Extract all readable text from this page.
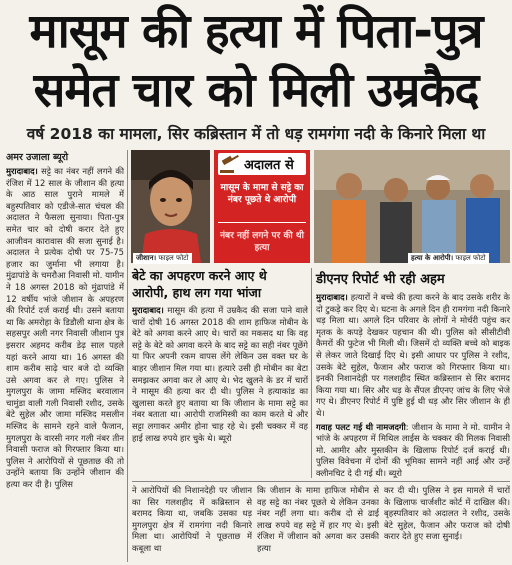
मासूम की हत्या में पिता-पुत्र
समेत चार को मिली उम्रकैद
वर्ष 2018 का मामला, सिर कब्रिस्तान में तो धड़ रामगंगा नदी के किनारे मिला था
अमर उजाला ब्यूरो

मुरादाबाद। सट्टे का नंबर नहीं लगने की रंजिश में 12 साल के जीशान की हत्या के आठ साल पुराने मामले में बहुस्पतिवार को एडीजे-सात चंचल की अदालत ने फैसला सुनाया। पिता-पुत्र समेत चार को दोषी करार देते हुए आजीवन कारावास की सजा सुनाई है। अदालत ने प्रत्येक दोषी पर 75-75 हजार का जुर्माना भी लगाया है। मुंढापांडे के चमरौआ निवासी मो. यामीन ने 18 अगस्त 2018 को मुंढापांडे में 12 वर्षीय भांजे जीशान के अपहरण की रिपोर्ट दर्ज कराई थी। उसने बताया था कि अमरोहा के डिडौली थाना क्षेत्र के सहसपुर अली नगर निवासी जीशान पुत्र इसरार अहमद करीब डेढ़ साल पहले यहां करने आया था। 16 अगस्त की शाम करीब साढ़े चार बजे दो व्यक्ति उसे अगवा कर ले गए। पुलिस ने मुगलपुरा के जामा मस्जिद बरवालान चामुंडा वाली गली निवासी रशीद, उसके बेटे सुहेल और जामा मस्जिद मसलीन मस्जिद के सामने रहने वाले फैजान, मुगलपुरा के वारसी नगर गली नंबर तीन निवासी फराज को गिरफ्तार किया था। पुलिस ने आरोपियों से पूछताछ की तो उन्होंने बताया कि उन्होंने जीशान की हत्या कर दी है। पुलिस

जीशान। फाइल फोटो
अदालत से
मासूम के मामा से सट्टे का नंबर पूछते थे आरोपी
नंबर नहीं लगने पर की थी हत्या
हत्या के आरोपी। फाइल फोटो
बेटे का अपहरण करने आए थे
आरोपी, हाथ लग गया भांजा

मुरादाबाद। मासूम की हत्या में उम्रकैद की सजा पाने वाले चारों दोषी 16 अगस्त 2018 की शाम हाफिज मोबीन के बेटे को अगवा करने आए थे। चारों का मकसद था कि वह सट्टे के बेटे को अगवा करने के बाद सट्टे का सही नंबर पूछेंगे या फिर अपनी रकम वापस लेंगे लेकिन उस वक्त घर के बाहर जीशान मिल गया था। हत्यारे उसी ही मोबीन का बेटा समझकर अगवा कर ले आए थे। भेद खुलने के डर में चारों ने मासूम की हत्या कर दी थी। पुलिस ने हत्याकांड का खुलासा करते हुए बताया था कि जीशान के मामा सट्टे का नंबर बताता था। आरोपी राजमिस्त्री का काम करते थे और सट्टा लगाकर अमीर होना चाह रहे थे। इसी चक्कर में वह हाई लाख रुपये हार चुके थे। ब्यूरो

डीएनए रिपोर्ट भी रही अहम

मुरादाबाद। हत्यारों ने बच्चे की हत्या करने के बाद उसके शरीर के दो टुकड़े कर दिए थे। घटना के अगले दिन ही रामगंगा नदी किनारे धड़ मिला था। अगले दिन परिवार के लोगों ने मोर्चरी पहुंच कर मृतक के कपड़े देखकर पहचान की थी। पुलिस को सीसीटीवी कैमरों की फुटेज भी मिली थी। जिसमें दो व्यक्ति बच्चे को बाइक से लेकर जाते दिखाई दिए थे। इसी आधार पर पुलिस ने रशीद, उसके बेटे सुहेल, फैजान और फराज को गिरफ्तार किया था। इनकी निशानदेही पर गलशहीद स्थित कब्रिस्तान से सिर बरामद किया गया था। सिर और धड़ के सैंपल डीएनए जांच के लिए भेजे गए थे। डीएनए रिपोर्ट में पुष्टि हुई थी धड़ और सिर जीशान के ही थे।

गवाह पलट गई थी नामजदगी: जीशान के मामा ने मो. यामीन ने भांजे के अपहरण में मिथिल लाईस के चक्कर की मिलक निवासी मो. आमीर और मुस्तकीन के खिलाफ रिपोर्ट दर्ज कराई थी। पुलिस विवेचना में दोनों की भूमिका सामने नहीं आई और उन्हें क्लीनचिट दे दी गई थी। ब्यूरो

ने आरोपियों की निशानदेही पर जीशान का सिर गलशहीद में कब्रिस्तान से बरामद किया था, जबकि उसका धड़ मुगलपुरा क्षेत्र में रामगंगा नदी किनारे मिला था। आरोपियों ने पूछताछ में कबूला था
कि जीशान के मामा हाफिज मोबीन से वह सट्टे का नंबर पूछते थे लेकिन उनका नंबर नहीं लगा था। करीब दो से ढाई लाख रुपये वह सट्टे में हार गए थे। इसी रंजिश में जीशान को अगवा कर उसकी हत्या
कर दी थी। पुलिस ने इस मामले में चारों के खिलाफ चार्जशीट कोर्ट में दाखिल की। बृहस्पतिवार को अदालत ने रशीद, उसके बेटे सुहेल, फैजान और फराज को दोषी करार देते हुए सजा सुनाई।
